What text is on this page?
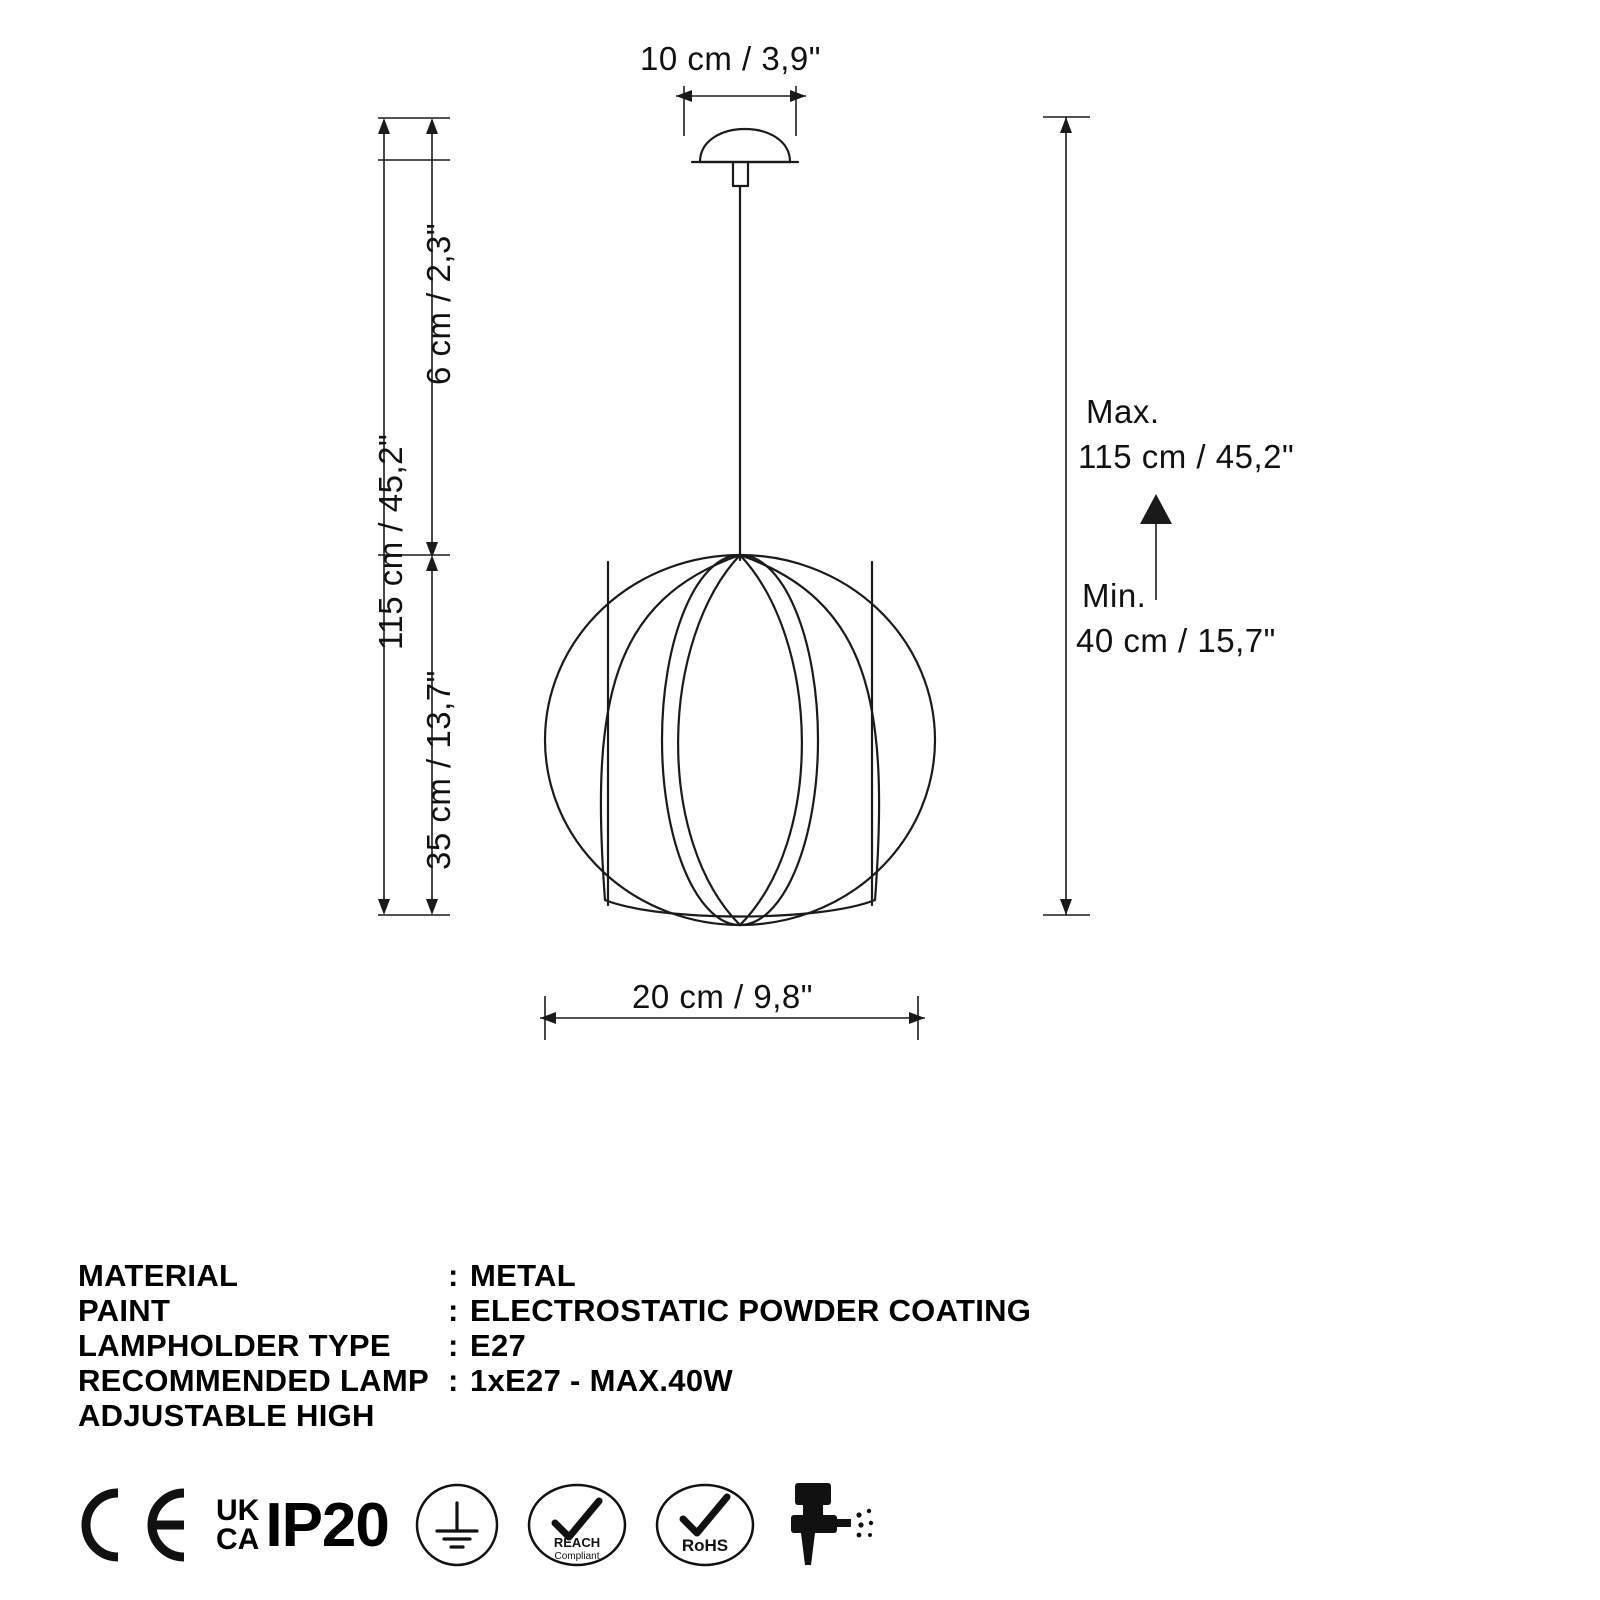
10 cm / 3,9"
6 cm / 2,3"
115 cm / 45,2"
35 cm / 13,7"
20 cm / 9,8"
Max.
115 cm / 45,2"
Min.
40 cm / 15,7"
MATERIAL	: METAL
PAINT	: ELECTROSTATIC POWDER COATING
LAMPHOLDER TYPE	: E27
RECOMMENDED LAMP : 1xE27 - MAX.40W
ADJUSTABLE HIGH
UK
CA IP20	REACH
Compliant
RoHS
